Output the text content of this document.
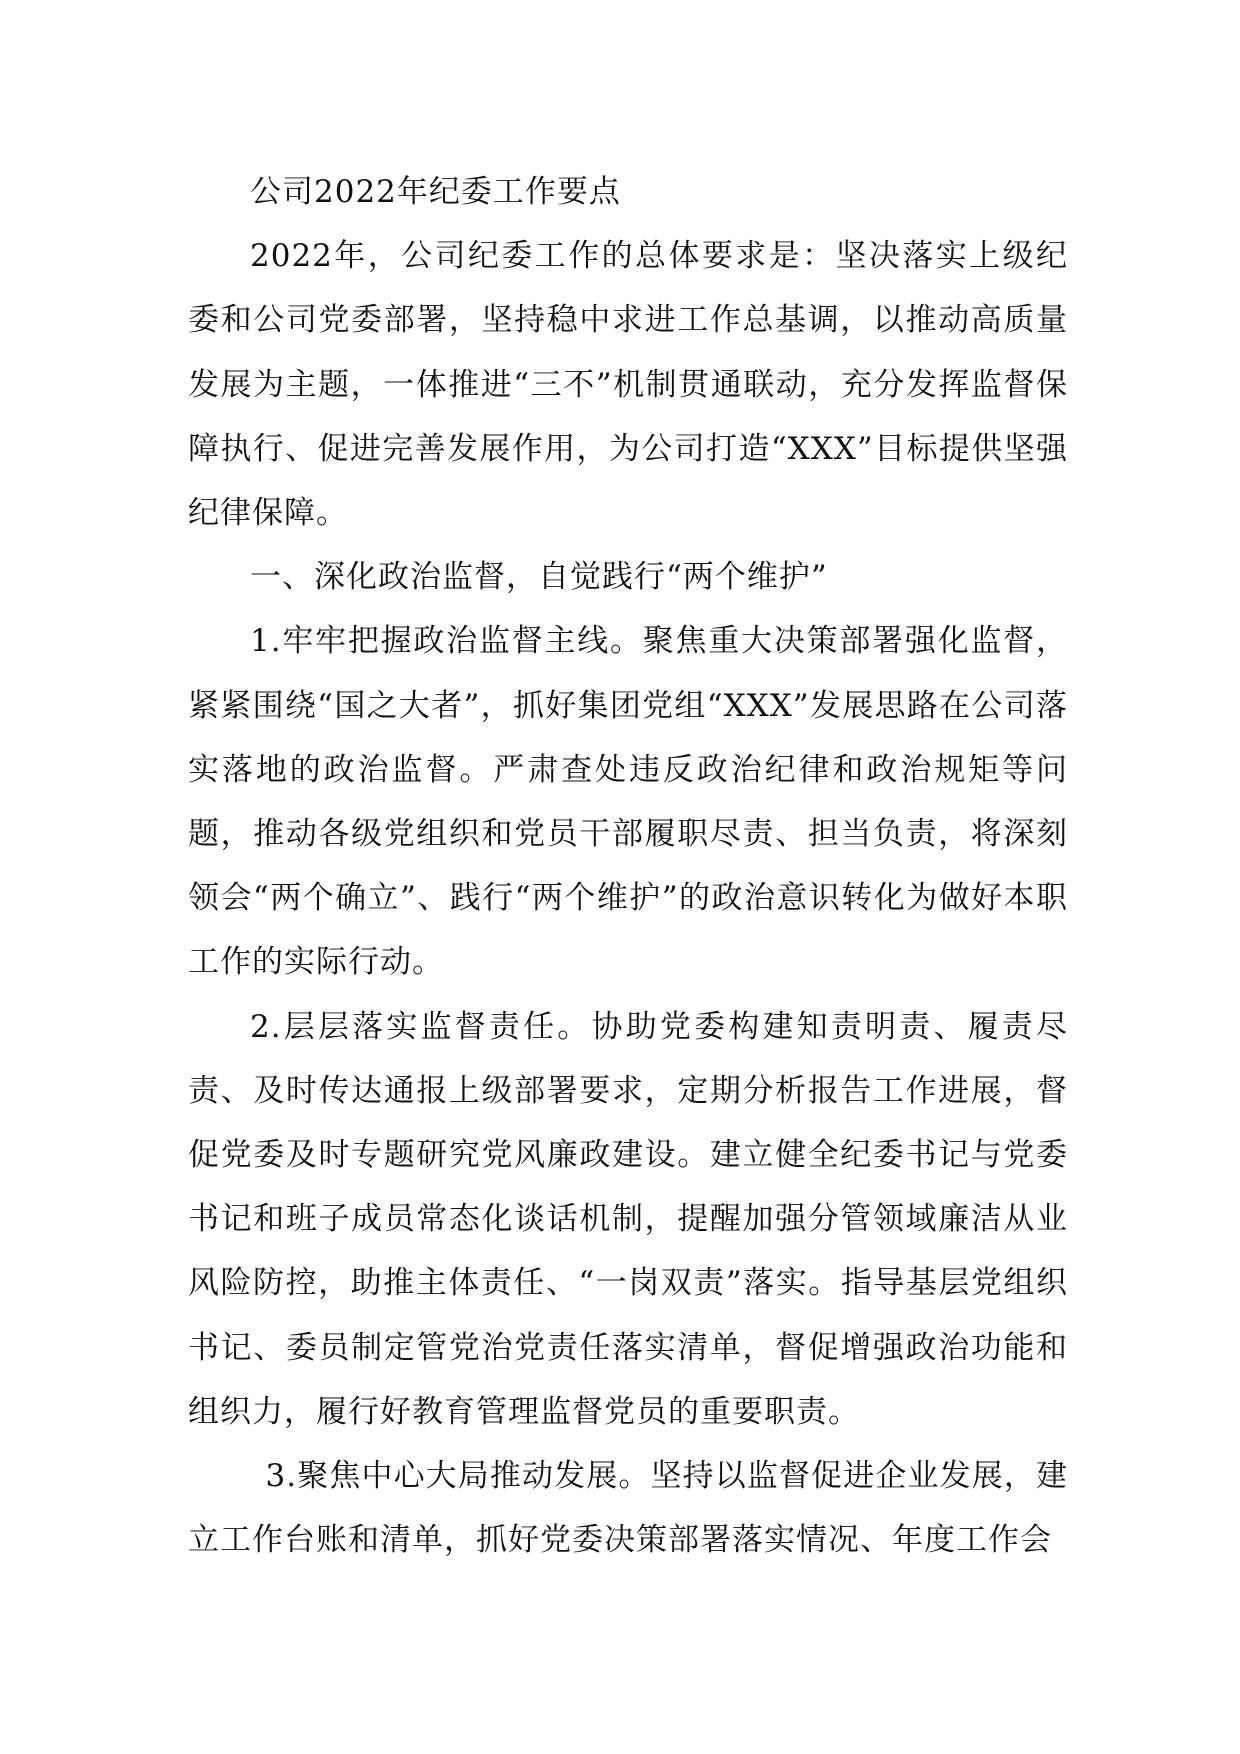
公司2022年纪委工作要点

2022年，公司纪委工作的总体要求是：坚决落实上级纪委和公司党委部署，坚持稳中求进工作总基调，以推动高质量发展为主题，一体推进“三不”机制贯通联动，充分发挥监督保障执行、促进完善发展作用，为公司打造“XXX”目标提供坚强纪律保障。

一、深化政治监督，自觉践行“两个维护”

1.牢牢把握政治监督主线。聚焦重大决策部署强化监督，紧紧围绕“国之大者”，抓好集团党组“XXX”发展思路在公司落实落地的政治监督。严肃查处违反政治纪律和政治规矩等问题，推动各级党组织和党员干部履职尽责、担当负责，将深刻领会“两个确立”、践行“两个维护”的政治意识转化为做好本职工作的实际行动。

2.层层落实监督责任。协助党委构建知责明责、履责尽责、及时传达通报上级部署要求，定期分析报告工作进展，督促党委及时专题研究党风廉政建设。建立健全纪委书记与党委书记和班子成员常态化谈话机制，提醒加强分管领域廉洁从业风险防控，助推主体责任、“一岗双责”落实。指导基层党组织书记、委员制定管党治党责任落实清单，督促增强政治功能和组织力，履行好教育管理监督党员的重要职责。

3.聚焦中心大局推动发展。坚持以监督促进企业发展，建立工作台账和清单，抓好党委决策部署落实情况、年度工作会
